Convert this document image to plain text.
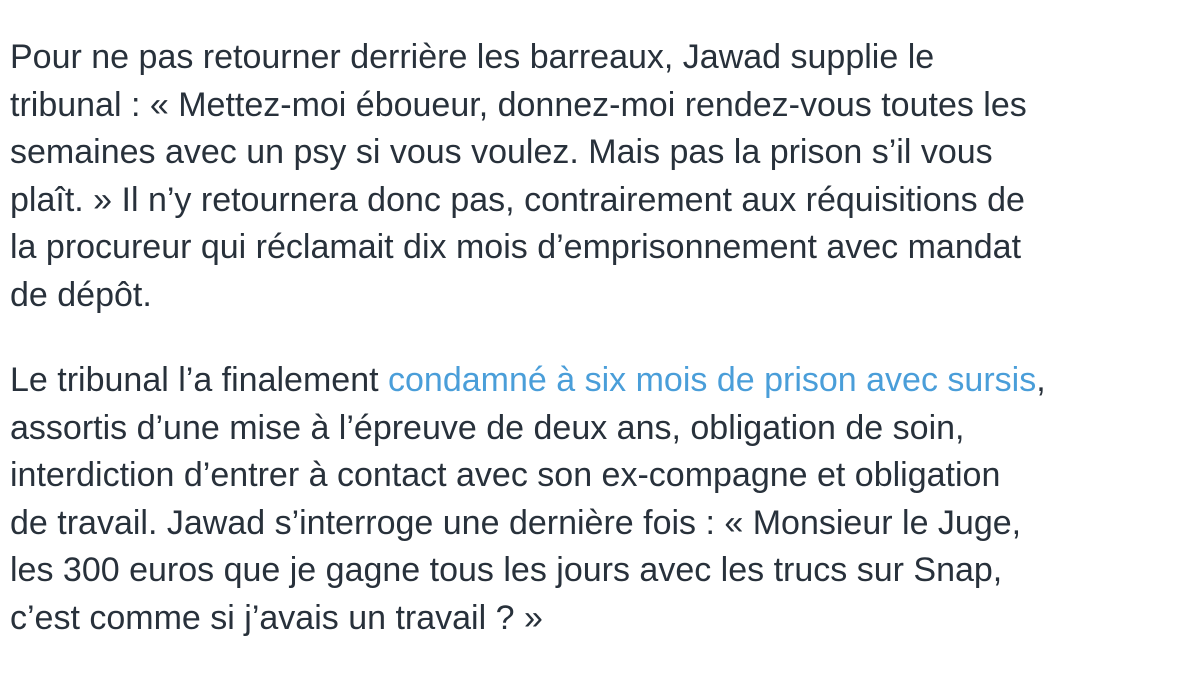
Pour ne pas retourner derrière les barreaux, Jawad supplie le
tribunal : « Mettez-moi éboueur, donnez-moi rendez-vous toutes les
semaines avec un psy si vous voulez. Mais pas la prison s’il vous
plaît. » Il n’y retournera donc pas, contrairement aux réquisitions de
la procureur qui réclamait dix mois d’emprisonnement avec mandat
de dépôt.
Le tribunal l’a finalement condamné à six mois de prison avec sursis,
assortis d’une mise à l’épreuve de deux ans, obligation de soin,
interdiction d’entrer à contact avec son ex-compagne et obligation
de travail. Jawad s’interroge une dernière fois : « Monsieur le Juge,
les 300 euros que je gagne tous les jours avec les trucs sur Snap,
c’est comme si j’avais un travail ? »
